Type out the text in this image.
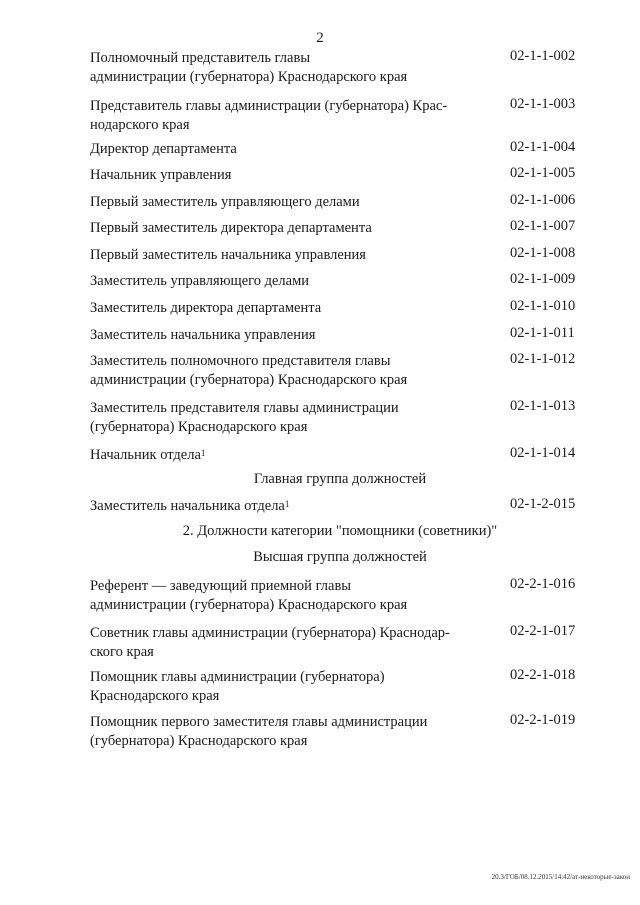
2
Полномочный представитель главы
администрации (губернатора) Краснодарского края
02-1-1-002
Представитель главы администрации (губернатора) Крас-
нодарского края
02-1-1-003
Директор департамента	02-1-1-004
Начальник управления	02-1-1-005
Первый заместитель управляющего делами	02-1-1-006
Первый заместитель директора департамента	02-1-1-007
Первый заместитель начальника управления	02-1-1-008
Заместитель управляющего делами	02-1-1-009
Заместитель директора департамента	02-1-1-010
Заместитель начальника управления	02-1-1-011
Заместитель полномочного представителя главы
администрации (губернатора) Краснодарского края
02-1-1-012
Заместитель представителя главы администрации
(губернатора) Краснодарского края
02-1-1-013
Начальник отдела$^1$	02-1-1-014
Главная группа должностей
Заместитель начальника отдела$^1$	02-1-2-015
2. Должности категории "помощники (советники)"
Высшая группа должностей
Референт — заведующий приемной главы
администрации (губернатора) Краснодарского края
02-2-1-016
Советник главы администрации (губернатора) Краснодар-
ского края
02-2-1-017
Помощник главы администрации (губернатора)
Краснодарского края
02-2-1-018
Помощник первого заместителя главы администрации
(губернатора) Краснодарского края
02-2-1-019
20.3/ГОБ/08.12.2015/14:42/ат-некоторые-закон
